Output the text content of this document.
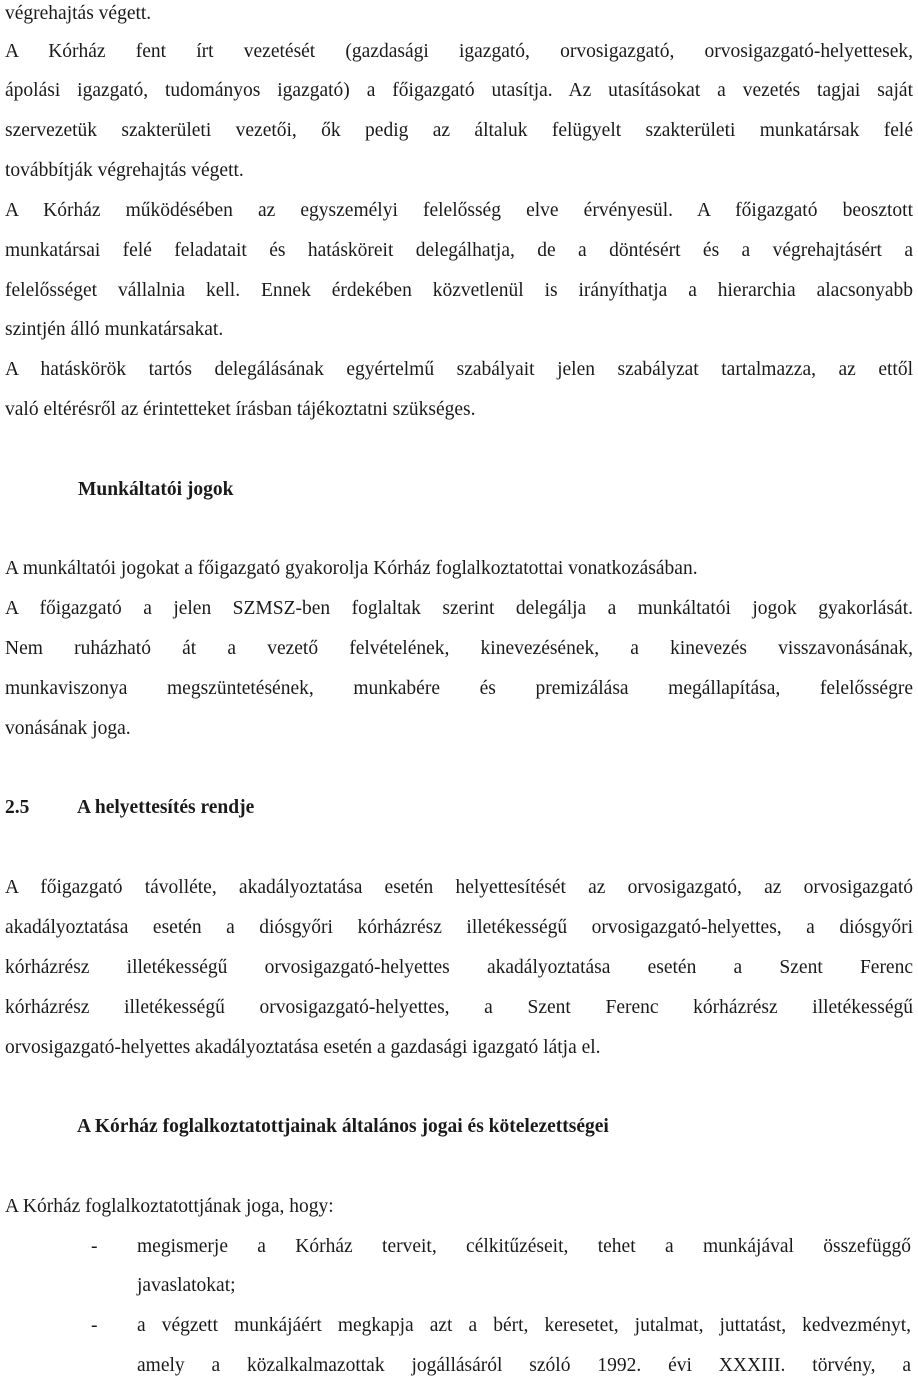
végrehajtás végett.
A Kórház fent írt vezetését (gazdasági igazgató, orvosigazgató, orvosigazgató-helyettesek,
ápolási igazgató, tudományos igazgató) a főigazgató utasítja. Az utasításokat a vezetés tagjai saját
szervezetük szakterületi vezetői, ők pedig az általuk felügyelt szakterületi munkatársak felé
továbbítják végrehajtás végett.
A Kórház működésében az egyszemélyi felelősség elve érvényesül. A főigazgató beosztott
munkatársai felé feladatait és hatásköreit delegálhatja, de a döntésért és a végrehajtásért a
felelősséget vállalnia kell. Ennek érdekében közvetlenül is irányíthatja a hierarchia alacsonyabb
szintjén álló munkatársakat.
A hatáskörök tartós delegálásának egyértelmű szabályait jelen szabályzat tartalmazza, az ettől
való eltérésről az érintetteket írásban tájékoztatni szükséges.
Munkáltatói jogok
A munkáltatói jogokat a főigazgató gyakorolja Kórház foglalkoztatottai vonatkozásában.
A főigazgató a jelen SZMSZ-ben foglaltak szerint delegálja a munkáltatói jogok gyakorlását.
Nem ruházható át a vezető felvételének, kinevezésének, a kinevezés visszavonásának,
munkaviszonya megszüntetésének, munkabére és premizálása megállapítása, felelősségre
vonásának joga.
2.5 A helyettesítés rendje
A főigazgató távolléte, akadályoztatása esetén helyettesítését az orvosigazgató, az orvosigazgató
akadályoztatása esetén a diósgyőri kórházrész illetékességű orvosigazgató-helyettes, a diósgyőri
kórházrész illetékességű orvosigazgató-helyettes akadályoztatása esetén a Szent Ferenc
kórházrész illetékességű orvosigazgató-helyettes, a Szent Ferenc kórházrész illetékességű
orvosigazgató-helyettes akadályoztatása esetén a gazdasági igazgató látja el.
A Kórház foglalkoztatottjainak általános jogai és kötelezettségei
A Kórház foglalkoztatottjának joga, hogy:
- megismerje a Kórház terveit, célkitűzéseit, tehet a munkájával összefüggő
javaslatokat;
- a végzett munkájáért megkapja azt a bért, keresetet, jutalmat, juttatást, kedvezményt,
amely a közalkalmazottak jogállásáról szóló 1992. évi XXXIII. törvény, a
